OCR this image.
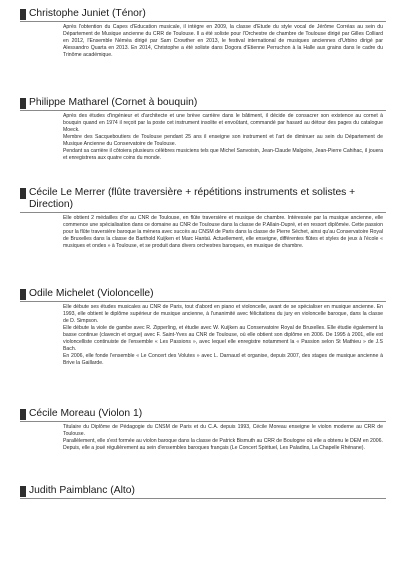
Christophe Juniet (Ténor)

Après l'obtention du Capes d'Education musicale, il intègre en 2009, la classe d'Etude du style vocal de Jérôme Corréas au sein du Département de Musique ancienne du CRR de Toulouse. Il a été soliste pour l'Orchestre de chambre de Toulouse dirigé par Gilles Colliard en 2012, l'Ensemble Némèa dirigé par Sam Crowther en 2013, le festival international de musiques anciennes d'Urbino dirigé par Alessandro Quarta en 2013. En 2014, Christophe a été soliste dans Dogora d'Etienne Perruchon à la Halle aux grains dans le cadre du Trinôme académique.

Philippe Matharel (Cornet à bouquin)

Après des études d'ingénieur et d'architecte et une brève carrière dans le bâtiment, il décide de consacrer son existence au cornet à bouquin quand en 1974 il reçoit par la poste cet instrument insolite et envoûtant, commandé par hasard au détour des pages du catalogue Moeck.

Membre des Sacqueboutiers de Toulouse pendant 25 ans il enseigne son instrument et l'art de diminuer au sein du Département de Musique Ancienne du Conservatoire de Toulouse.

Pendant sa carrière il côtoiera plusieurs célèbres musiciens tels que Michel Sanvoisin, Jean-Claude Malgoire, Jean-Pierre Cahihac, il jouera et enregistrera aux quatre coins du monde.

Cécile Le Merrer (flûte traversière + répétitions instruments et solistes + Direction)

Elle obtient 2 médailles d'or au CNR de Toulouse, en flûte traversière et musique de chambre. Intéressée par la musique ancienne, elle commence une spécialisation dans ce domaine au CNR de Toulouse dans la classe de P.Allain-Dupré, et en ressort diplômée. Cette passion pour la flûte traversière baroque la mènera avec succès au CNSM de Paris dans la classe de Pierre Séchet, ainsi qu'au Conservatoire Royal de Bruxelles dans la classe de Barthold Kuijken et Marc Hantaï. Actuellement, elle enseigne, différentes flûtes et styles de jeux à l'école « musiques et ondes » à Toulouse, et se produit dans divers orchestres baroques, en musique de chambre.

Odile Michelet (Violoncelle)

Elle débute ses études musicales au CNR de Paris, tout d'abord en piano et violoncelle, avant de se spécialiser en musique ancienne. En 1993, elle obtient le diplôme supérieur de musique ancienne, à l'unanimité avec félicitations du jury en violoncelle baroque, dans la classe de D. Simpson.

Elle débute la viole de gambe avec R. Zipperling, et étudie avec W. Kuijken au Conservatoire Royal de Bruxelles. Elle étudie également la basse continue (clavecin et orgue) avec F. Saint-Yves au CNR de Toulouse, où elle obtient son diplôme en 2006. De 1995 à 2001, elle est violoncelliste continuiste de l'ensemble « Les Passions », avec lequel elle enregistre notamment la « Passion selon St Mathieu » de J.S Bach.

En 2006, elle fonde l'ensemble « Le Concert des Volutes » avec L. Darnaud et organise, depuis 2007, des stages de musique ancienne à Brive la Gaillarde.

Cécile Moreau (Violon 1)

Titulaire du Diplôme de Pédagogie du CNSM de Paris et du C.A. depuis 1993, Cécile Moreau enseigne le violon moderne au CRR de Toulouse.

Parallèlement, elle s'est formée au violon baroque dans la classe de Patrick Bismuth au CRR de Boulogne où elle a obtenu le DEM en 2006.

Depuis, elle a joué régulièrement au sein d'ensembles baroques français (Le Concert Spirituel, Les Paladins, La Chapelle Rhénane).

Judith Paimblanc (Alto)
